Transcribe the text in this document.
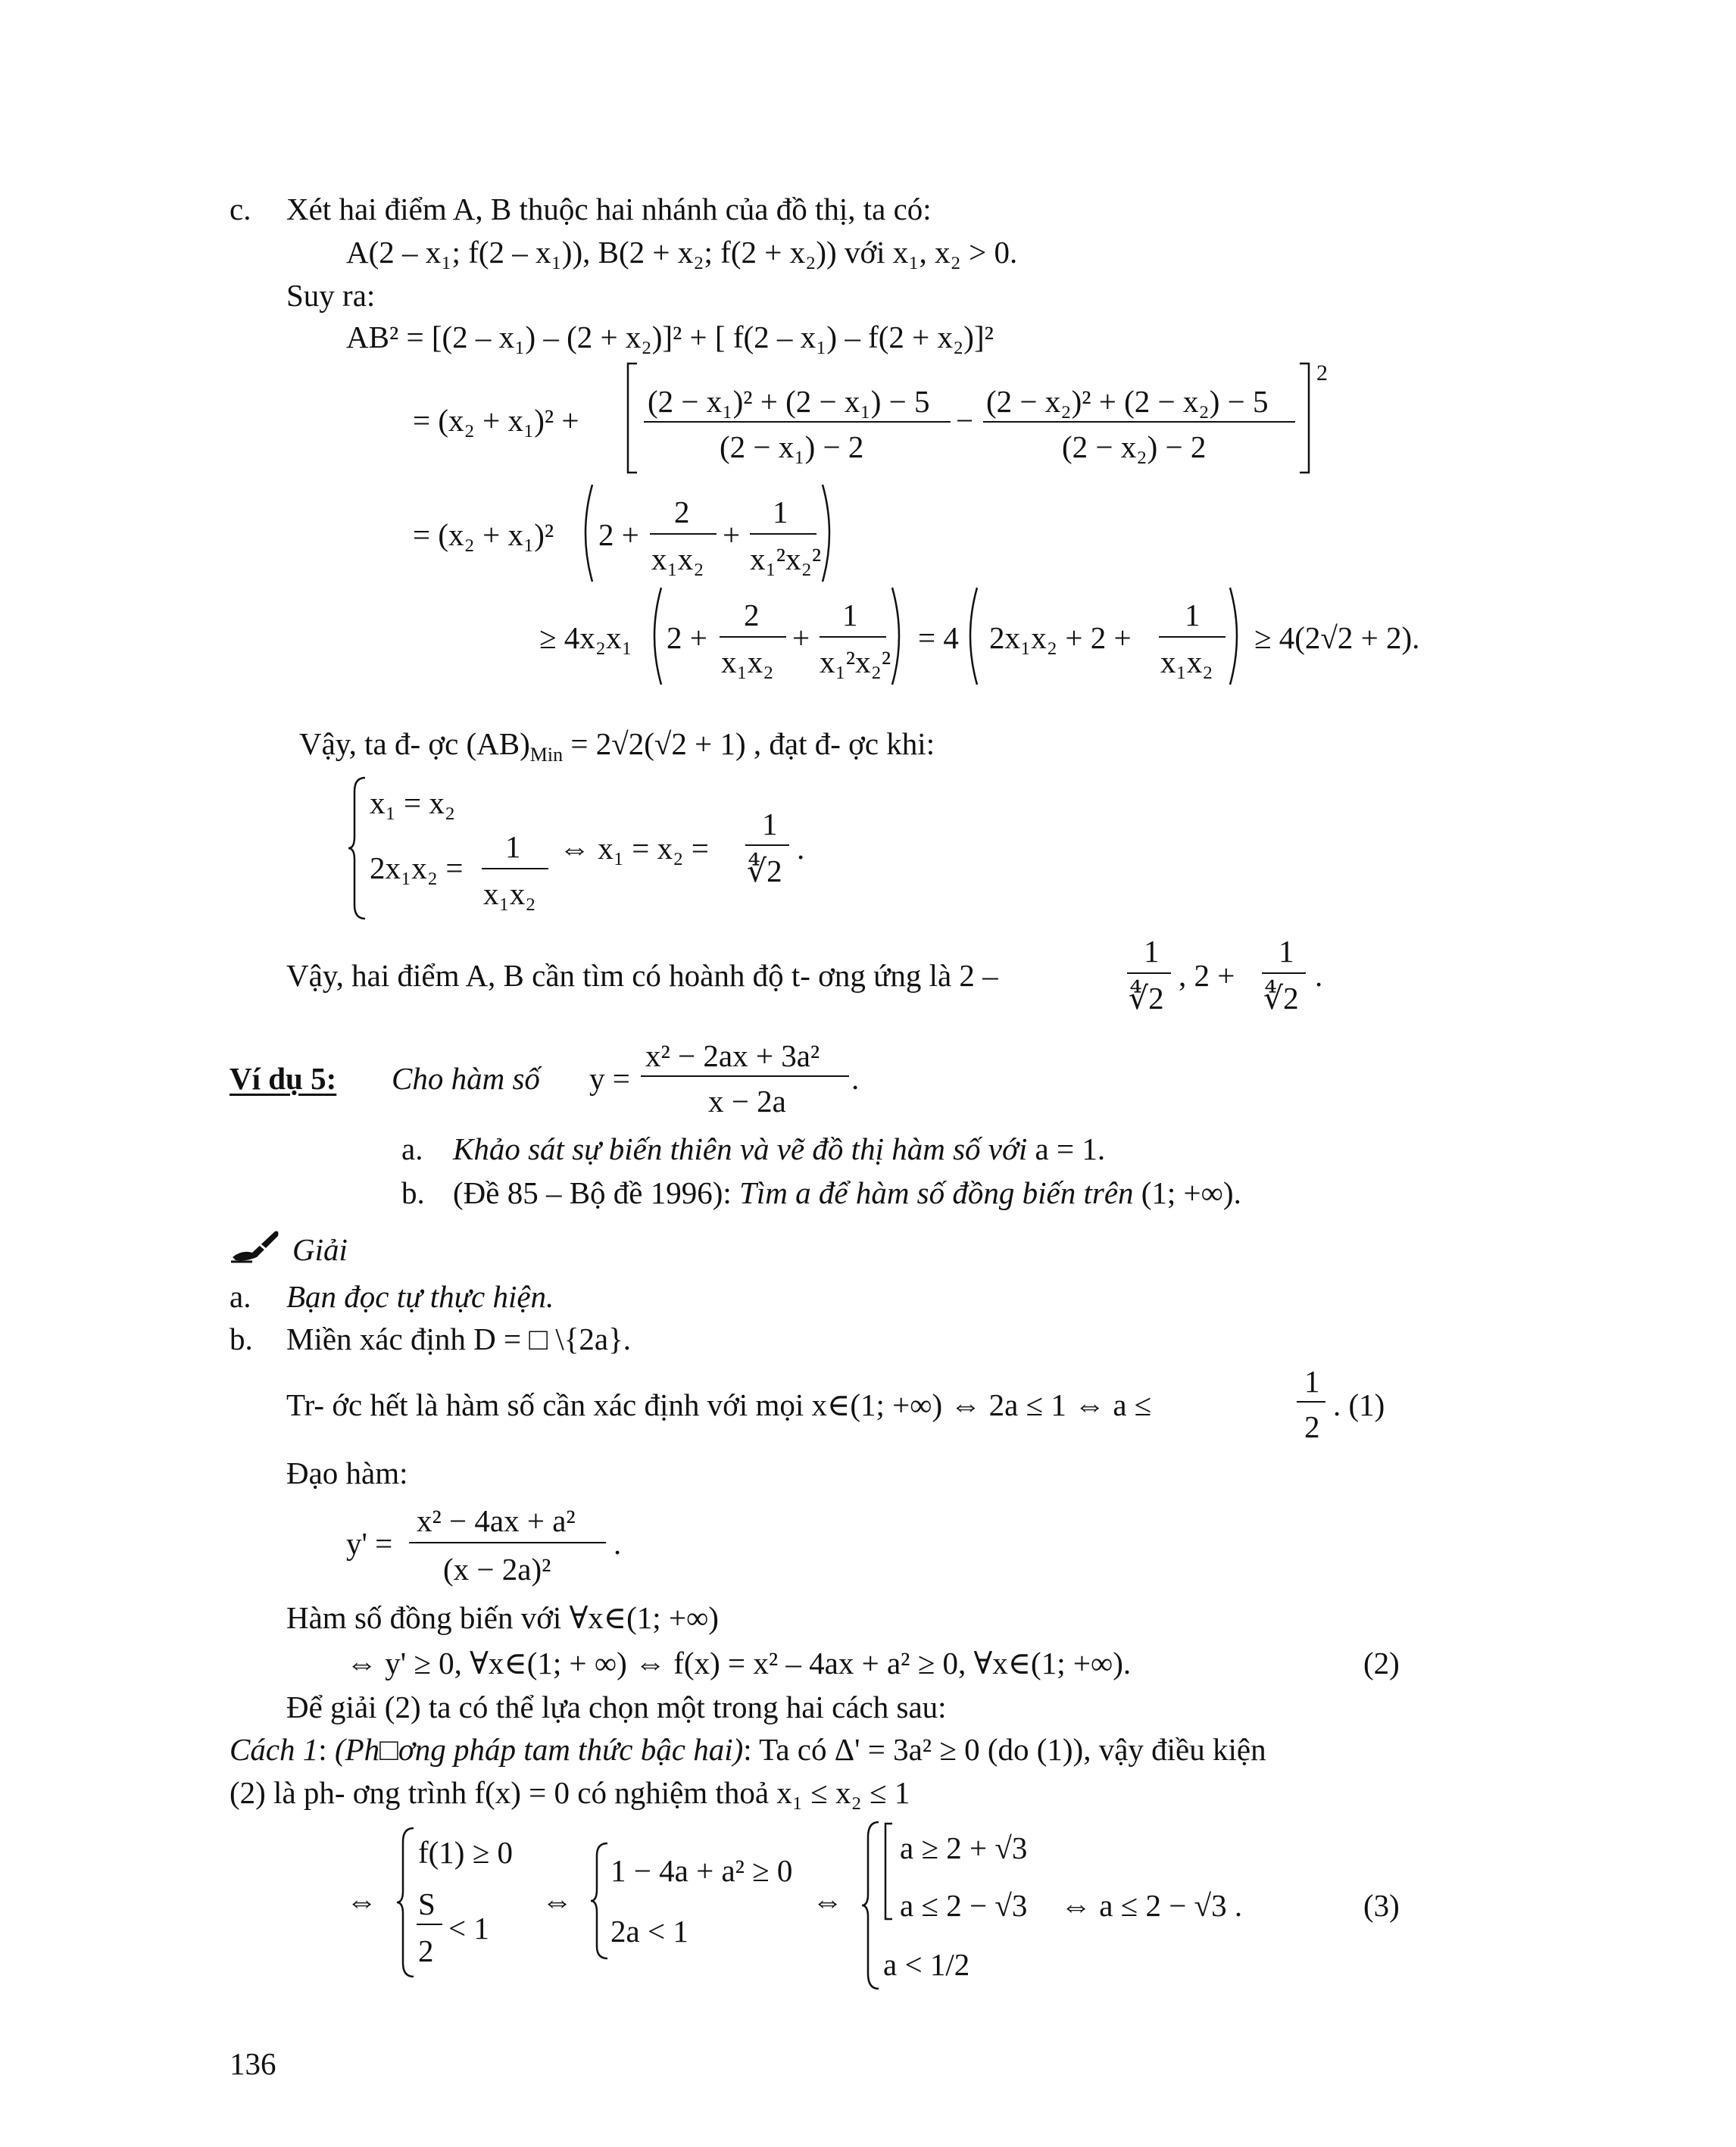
c. Xét hai điểm A, B thuộc hai nhánh của đồ thị, ta có:
A(2 – x₁; f(2 – x₁)), B(2 + x₂; f(2 + x₂)) với x₁, x₂ > 0.
Suy ra:
AB² = [(2 – x₁) – (2 + x₂)]² + [ f(2 – x₁) – f(2 + x₂)]²
= (x₂ + x₁)² +
(2 − x₁)² + (2 − x₁) − 5
(2 − x₁) − 2
−
(2 − x₂)² + (2 − x₂) − 5
(2 − x₂) − 2
2
= (x₂ + x₁)² 2 +
2
x₁x₂
+
1
x₁²x₂²
≥ 4x₂x₁ 2 +
2
x₁x₂
+
1
x₁²x₂²
= 4 2x₁x₂ + 2 +
1
x₁x₂
≥ 4(2√2 + 2).
Vậy, ta đ- ợc $(AB)_{Min} = 2√2(√2 + 1)$ , đạt đ- ợc khi:
x₁ = x₂
2x₁x₂ =
1
x₁x₂
⇔ x₁ = x₂ =
1
∜2
.
Vậy, hai điểm A, B cần tìm có hoành độ t- ơng ứng là 2 –
1
∜2
, 2 +
1
∜2
.
Ví dụ 5: Cho hàm số y =
x² − 2ax + 3a²
x − 2a
.
a. Khảo sát sự biến thiên và vẽ đồ thị hàm số với a = 1.
b. (Đề 85 – Bộ đề 1996): Tìm a để hàm số đồng biến trên (1; +∞).
Giải
a. Bạn đọc tự thực hiện.
b. Miền xác định D = □ \{2a}.
Tr- ớc hết là hàm số cần xác định với mọi x∈(1; +∞) ⇔ 2a ≤ 1 ⇔ a ≤
1
2
. (1)
Đạo hàm:
y' =
x² − 4ax + a²
(x − 2a)²
.
Hàm số đồng biến với ∀x∈(1; +∞)
⇔ y' ≥ 0, ∀x∈(1; + ∞) ⇔ f(x) = x² – 4ax + a² ≥ 0, ∀x∈(1; +∞).	(2)
Để giải (2) ta có thể lựa chọn một trong hai cách sau:
Cách 1: (Ph□ơng pháp tam thức bậc hai): Ta có Δ' = 3a² ≥ 0 (do (1)), vậy điều kiện
(2) là ph- ơng trình f(x) = 0 có nghiệm thoả x₁ ≤ x₂ ≤ 1
⇔
f(1) ≥ 0
S
2
< 1
⇔
1 − 4a + a² ≥ 0
2a < 1
⇔
a ≥ 2 + √3
a ≤ 2 − √3
a < 1/2
⇔ a ≤ 2 − √3 .	(3)
136
